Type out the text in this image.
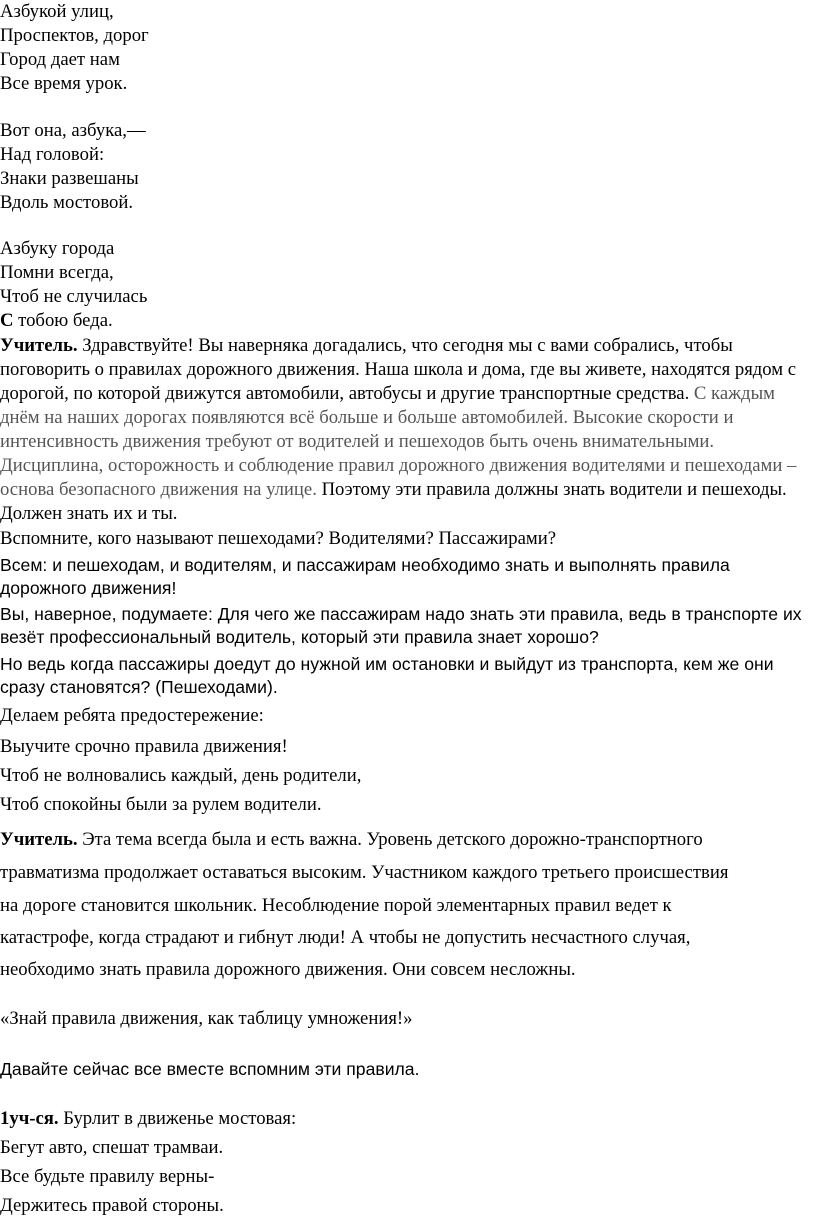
Азбукой улиц,

Проспектов, дорог

Город дает нам

Все время урок.

Вот она, азбука,—

Над головой:

Знаки развешаны

Вдоль мостовой.

Азбуку города

Помни всегда,

Чтоб не случилась

С тобою беда.

Учитель. Здравствуйте! Вы наверняка догадались, что сегодня мы с вами собрались, чтобы поговорить о правилах дорожного движения. Наша школа и дома, где вы живете, находятся рядом с дорогой, по которой движутся автомобили, автобусы и другие транспортные средства. С каждым днём на наших дорогах появляются всё больше и больше автомобилей. Высокие скорости и интенсивность движения требуют от водителей и пешеходов быть очень внимательными. Дисциплина, осторожность и соблюдение правил дорожного движения водителями и пешеходами – основа безопасного движения на улице. Поэтому эти правила должны знать водители и пешеходы. Должен знать их и ты.

Вспомните, кого называют пешеходами? Водителями? Пассажирами?

Всем: и пешеходам, и водителям, и пассажирам необходимо знать и выполнять правила дорожного движения!

Вы, наверное, подумаете: Для чего же пассажирам надо знать эти правила, ведь в транспорте их везёт профессиональный водитель, который эти правила знает хорошо?

Но ведь когда пассажиры доедут до нужной им остановки и выйдут из транспорта, кем же они сразу становятся? (Пешеходами).

Делаем ребята предостережение:

Выучите срочно правила движения!

Чтоб не волновались каждый, день родители,

Чтоб спокойны были за рулем водители.

Учитель. Эта тема всегда была и есть важна. Уровень детского дорожно-транспортного

травматизма продолжает оставаться высоким. Участником каждого третьего происшествия

на дороге становится школьник. Несоблюдение порой элементарных правил ведет к

катастрофе, когда страдают и гибнут люди! А чтобы не допустить несчастного случая,

необходимо знать правила дорожного движения. Они совсем несложны.

«Знай правила движения, как таблицу умножения!»

Давайте сейчас все вместе вспомним эти правила.

1уч-ся. Бурлит в движенье мостовая:

Бегут авто, спешат трамваи.

Все будьте правилу верны-

Держитесь правой стороны.
